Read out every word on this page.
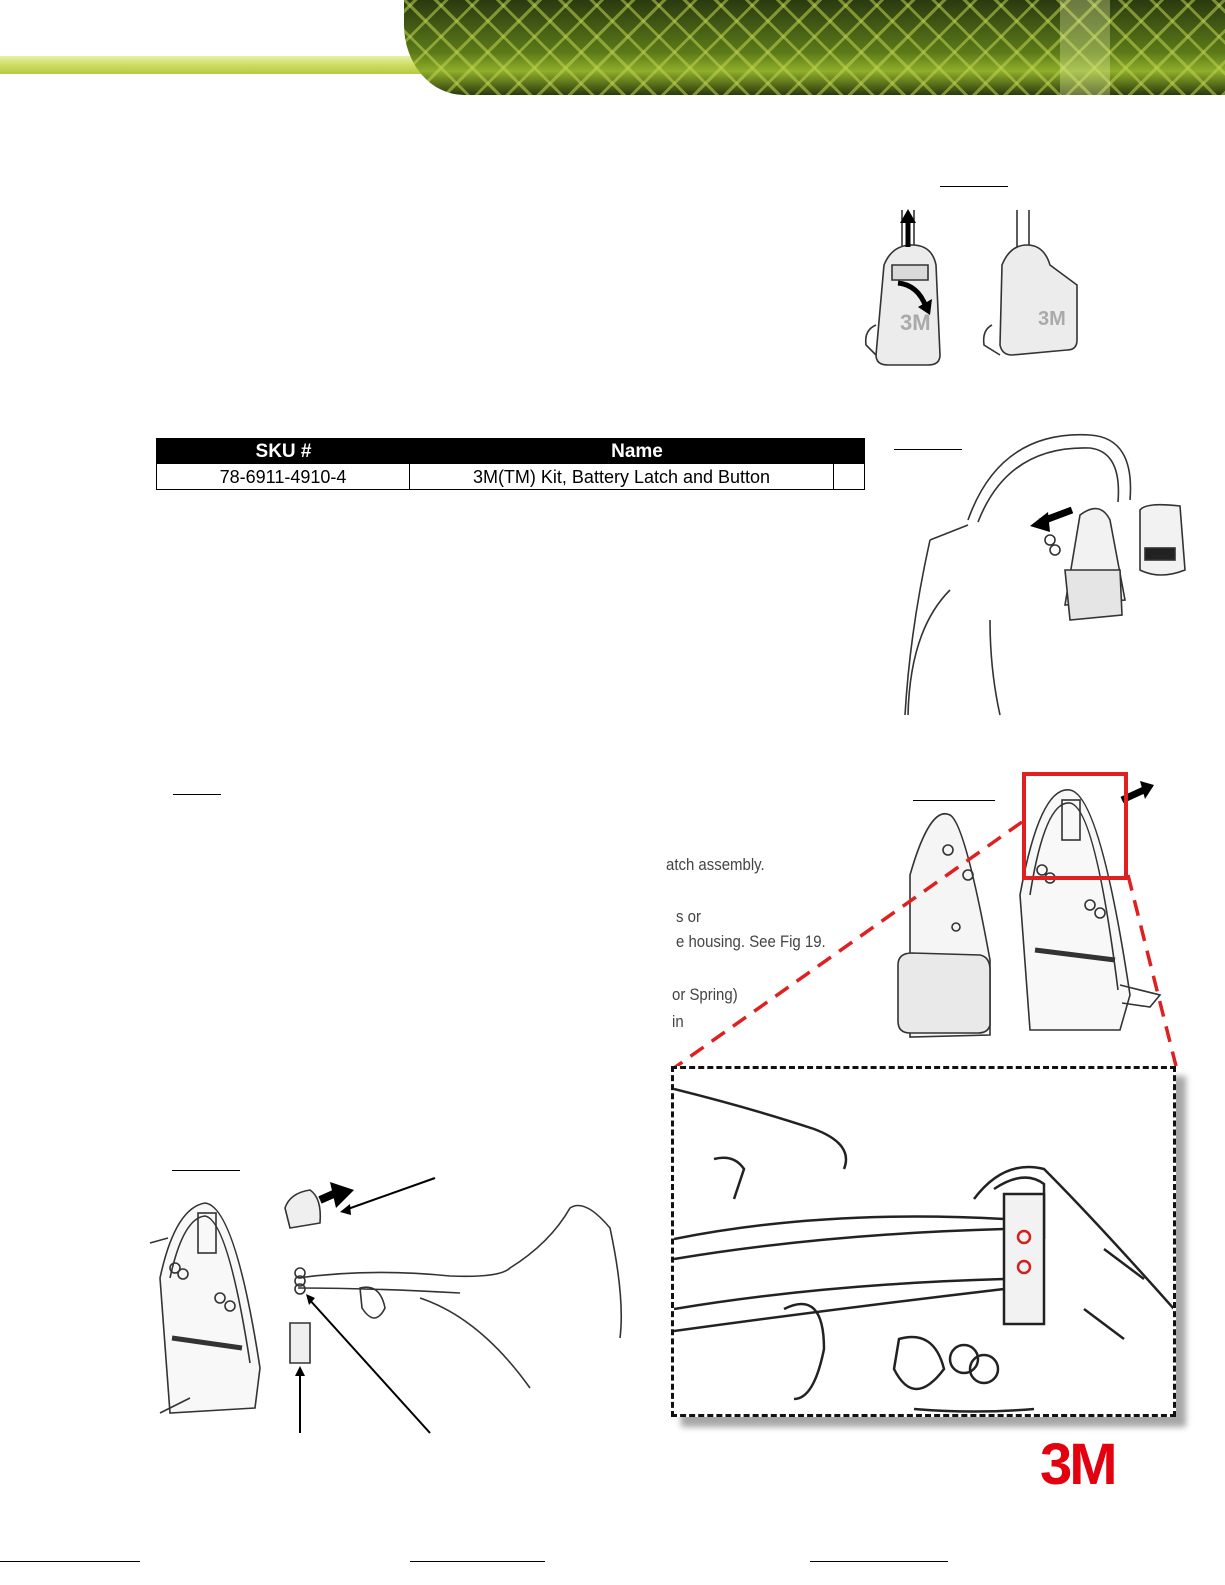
3M	3M
SKU #	Name
78-6911-4910-4	3M(TM) Kit, Battery Latch and Button
atch assembly.
s or
e housing. See Fig 19.
or Spring)
in
3M
